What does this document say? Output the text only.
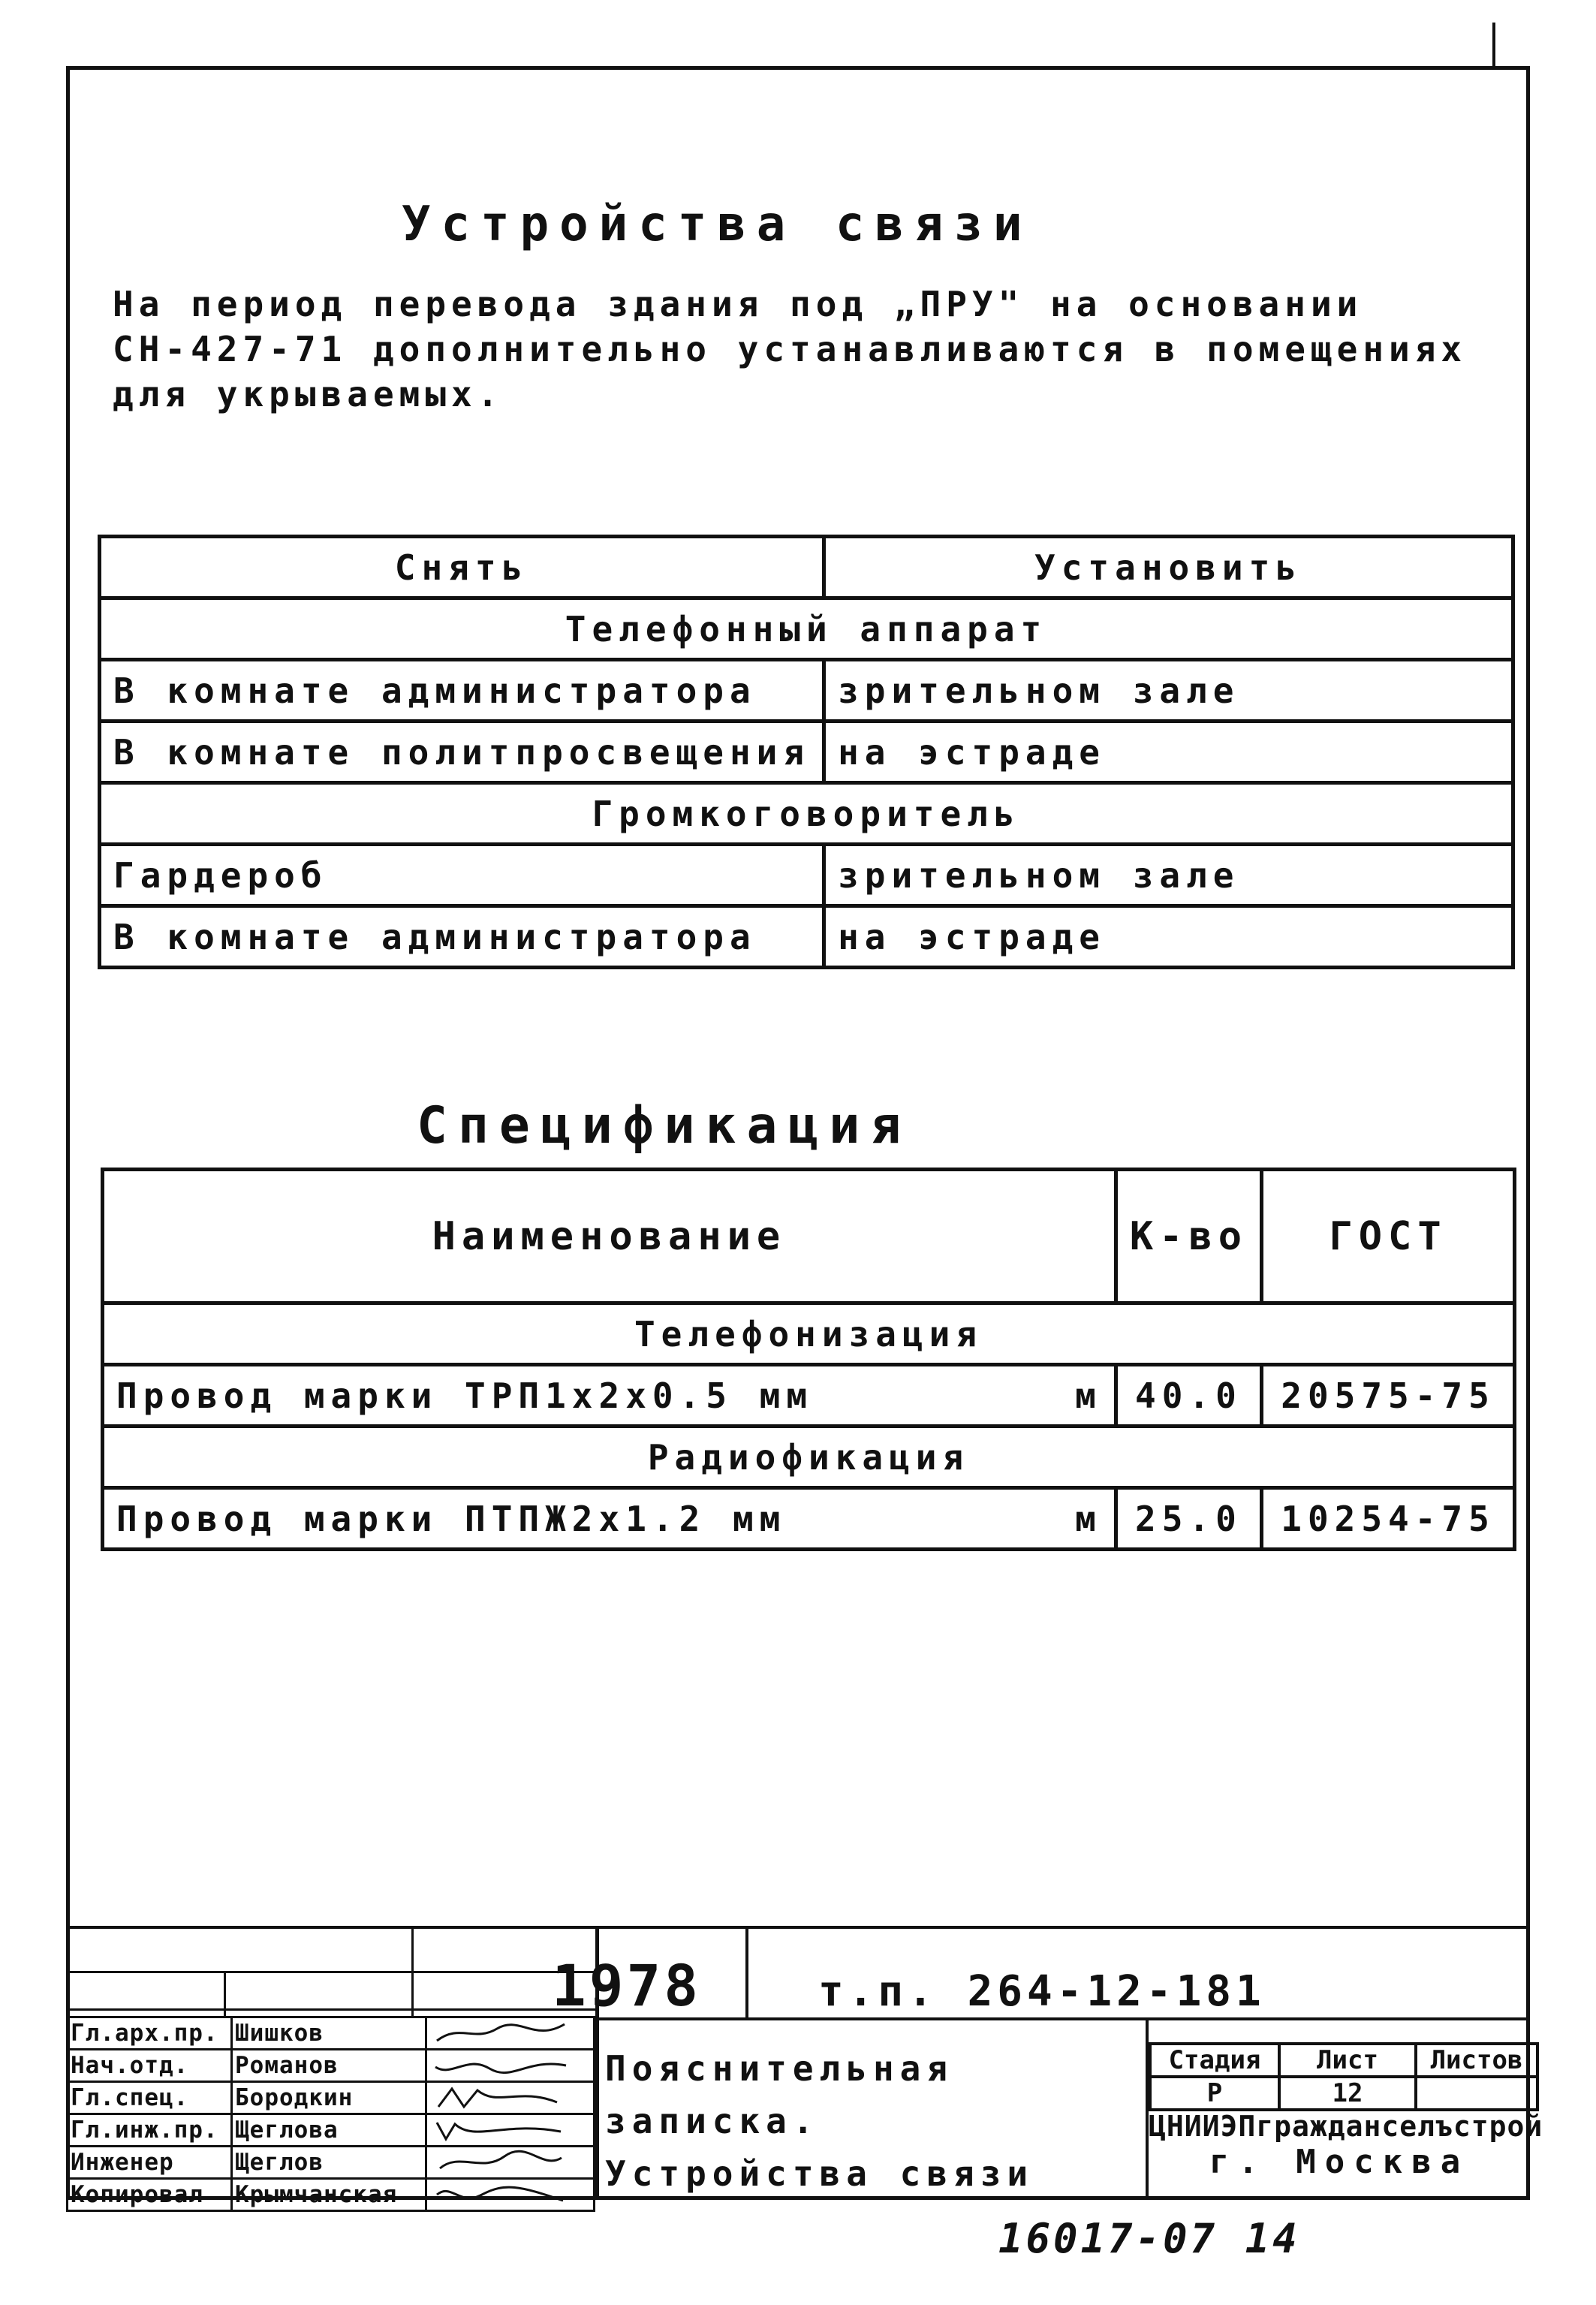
Устройства связи

На период перевода здания под „ПРУ" на основании СН-427-71 дополнительно устанавливаются в помещениях для укрываемых.

Снять	Установить
Телефонный аппарат	
В комнате администратора	зрительном зале
В комнате политпросвещения	на эстраде
Громкоговоритель	
Гардероб	зрительном зале
В комнате администратора	на эстраде
Спецификация
Наименование	К-во	ГОСТ
Телефонизация		

Провод марки ТРП1х2х0.5 мм м	40.0	20575-75
Радиофикация		

Провод марки ПТПЖ2х1.2 мм м	25.0	10254-75
Гл.арх.пр.	Шишков	

Нач.отд.	Романов	

Гл.спец.	Бородкин	

Гл.инж.пр.	Щеглова	

Инженер	Щеглов	

Копировал	Крымчанская	
1978	т.п. 264-12-181
Пояснительная
записка.
Устройства связи
Стадия	Лист	Листов
Р	12	
ЦНИИЭПгражданселъстрой
г. Москва
16017-07 14
